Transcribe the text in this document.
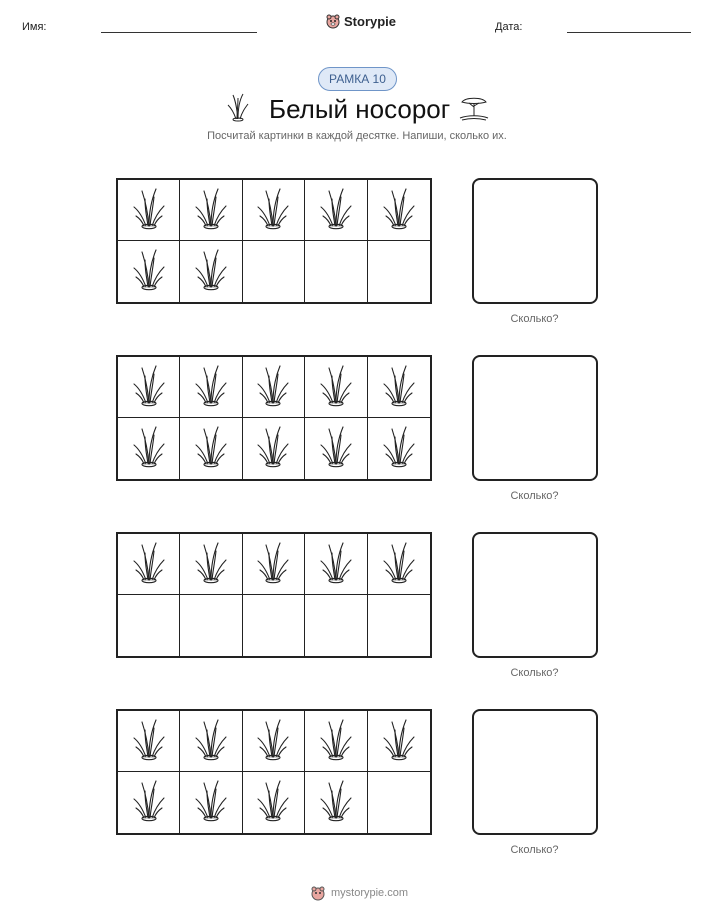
Имя:	Storypie	Дата:
РАМКА 10
Белый носорог
Посчитай картинки в каждой десятке. Напиши, сколько их.
Сколько?
Сколько?
Сколько?
Сколько?
mystorypie.com
